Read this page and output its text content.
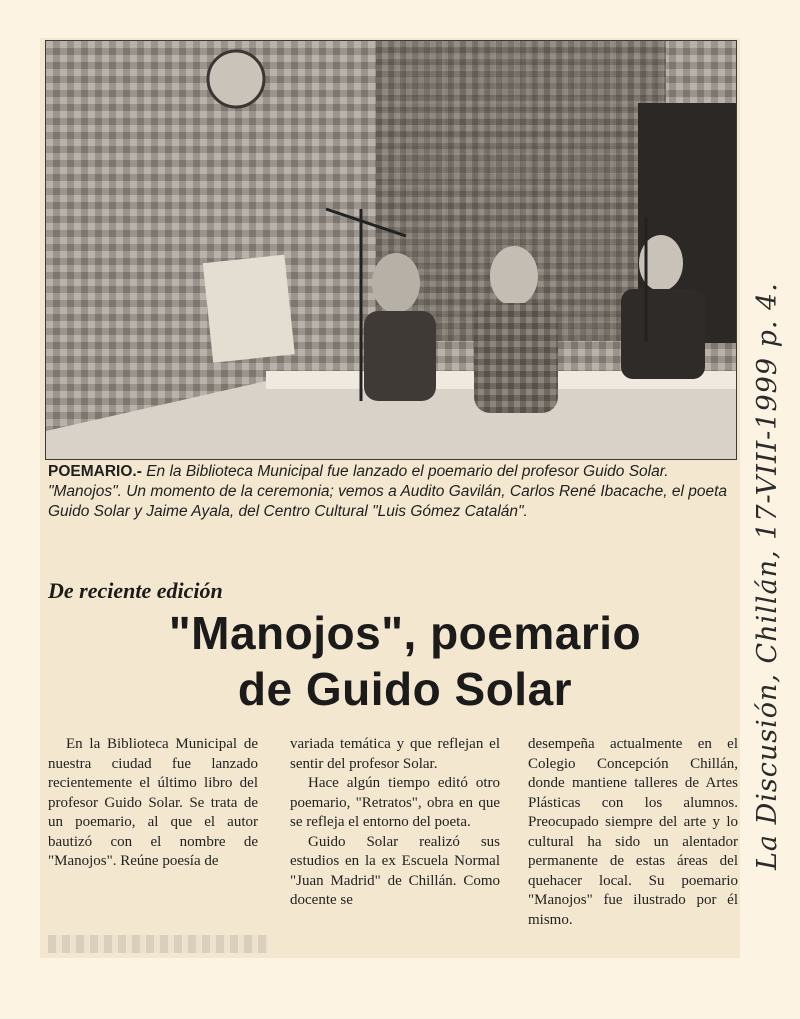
POEMARIO.- En la Biblioteca Municipal fue lanzado el poemario del profesor Guido Solar. "Manojos". Un momento de la ceremonia; vemos a Audito Gavilán, Carlos René Ibacache, el poeta Guido Solar y Jaime Ayala, del Centro Cultural "Luis Gómez Catalán".
De reciente edición
"Manojos", poemario
de Guido Solar

En la Biblioteca Municipal de nuestra ciudad fue lanzado recientemente el último libro del profesor Guido Solar. Se trata de un poemario, al que el autor bautizó con el nombre de "Manojos". Reúne poesía de

variada temática y que reflejan el sentir del profesor Solar.

Hace algún tiempo editó otro poemario, "Retratos", obra en que se refleja el entorno del poeta.

Guido Solar realizó sus estudios en la ex Escuela Normal "Juan Madrid" de Chillán. Como docente se

desempeña actualmente en el Colegio Concepción Chillán, donde mantiene talleres de Artes Plásticas con los alumnos. Preocupado siempre del arte y lo cultural ha sido un alentador permanente de estas áreas del quehacer local. Su poemario "Manojos" fue ilustrado por él mismo.

La Discusión, Chillán, 17-VIII-1999 p. 4.
